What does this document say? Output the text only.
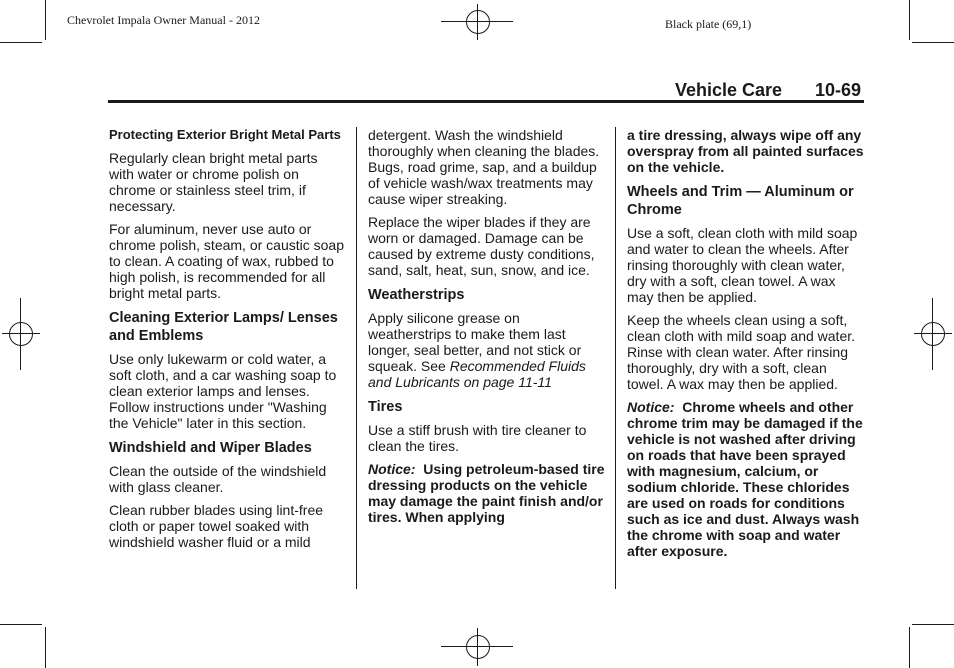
Chevrolet Impala Owner Manual - 2012	Black plate (69,1)
Vehicle Care 10-69
Protecting Exterior Bright Metal Parts

Regularly clean bright metal parts with water or chrome polish on chrome or stainless steel trim, if necessary.

For aluminum, never use auto or chrome polish, steam, or caustic soap to clean. A coating of wax, rubbed to high polish, is recommended for all bright metal parts.

Cleaning Exterior Lamps/ Lenses and Emblems

Use only lukewarm or cold water, a soft cloth, and a car washing soap to clean exterior lamps and lenses. Follow instructions under "Washing the Vehicle" later in this section.

Windshield and Wiper Blades

Clean the outside of the windshield with glass cleaner.

Clean rubber blades using lint-free cloth or paper towel soaked with windshield washer fluid or a mild

detergent. Wash the windshield thoroughly when cleaning the blades. Bugs, road grime, sap, and a buildup of vehicle wash/wax treatments may cause wiper streaking.

Replace the wiper blades if they are worn or damaged. Damage can be caused by extreme dusty conditions, sand, salt, heat, sun, snow, and ice.

Weatherstrips

Apply silicone grease on weatherstrips to make them last longer, seal better, and not stick or squeak. See Recommended Fluids and Lubricants on page 11-11

Tires

Use a stiff brush with tire cleaner to clean the tires.

Notice: Using petroleum-based tire dressing products on the vehicle may damage the paint finish and/or tires. When applying

a tire dressing, always wipe off any overspray from all painted surfaces on the vehicle.

Wheels and Trim — Aluminum or Chrome

Use a soft, clean cloth with mild soap and water to clean the wheels. After rinsing thoroughly with clean water, dry with a soft, clean towel. A wax may then be applied.

Keep the wheels clean using a soft, clean cloth with mild soap and water. Rinse with clean water. After rinsing thoroughly, dry with a soft, clean towel. A wax may then be applied.

Notice: Chrome wheels and other chrome trim may be damaged if the vehicle is not washed after driving on roads that have been sprayed with magnesium, calcium, or sodium chloride. These chlorides are used on roads for conditions such as ice and dust. Always wash the chrome with soap and water after exposure.
